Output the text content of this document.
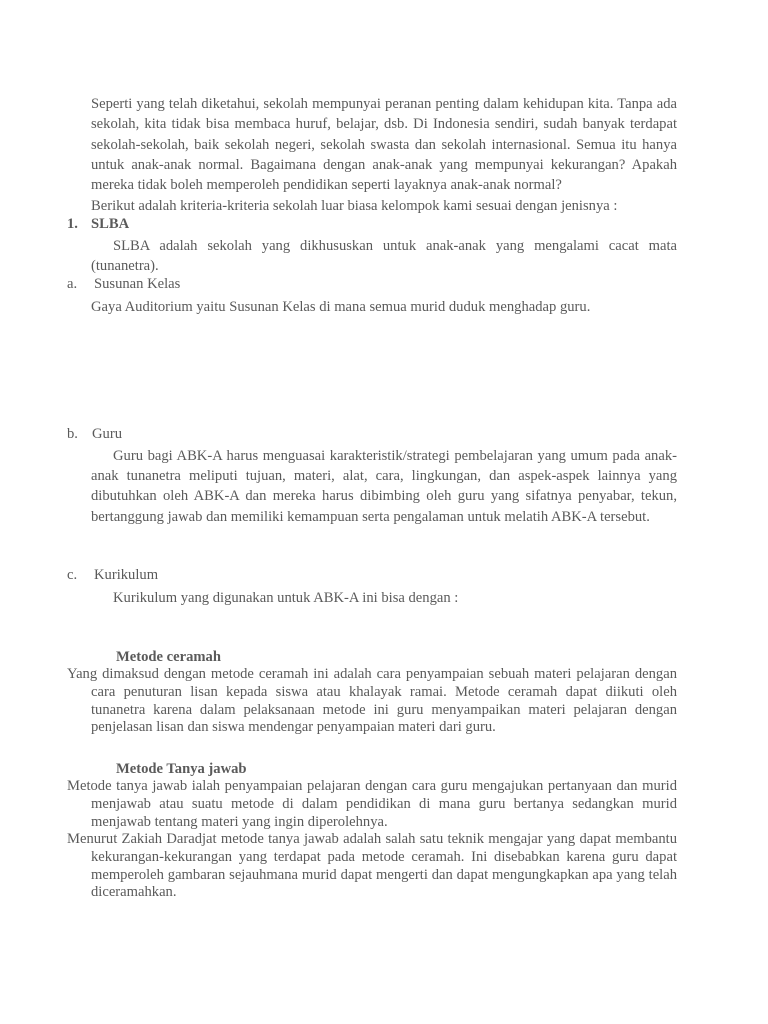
Seperti yang telah diketahui, sekolah mempunyai peranan penting dalam kehidupan kita. Tanpa ada sekolah, kita tidak bisa membaca huruf, belajar, dsb. Di Indonesia sendiri, sudah banyak terdapat sekolah-sekolah, baik sekolah negeri, sekolah swasta dan sekolah internasional. Semua itu hanya untuk anak-anak normal. Bagaimana dengan anak-anak yang mempunyai kekurangan? Apakah mereka tidak boleh memperoleh pendidikan seperti layaknya anak-anak normal?

Berikut adalah kriteria-kriteria sekolah luar biasa kelompok kami sesuai dengan jenisnya :

1. SLBA

SLBA adalah sekolah yang dikhususkan untuk anak-anak yang mengalami cacat mata (tunanetra).

a. Susunan Kelas

Gaya Auditorium yaitu Susunan Kelas di mana semua murid duduk menghadap guru.

b. Guru

Guru bagi ABK-A harus menguasai karakteristik/strategi pembelajaran yang umum pada anak-anak tunanetra meliputi tujuan, materi, alat, cara, lingkungan, dan aspek-aspek lainnya yang dibutuhkan oleh ABK-A dan mereka harus dibimbing oleh guru yang sifatnya penyabar, tekun, bertanggung jawab dan memiliki kemampuan serta pengalaman untuk melatih ABK-A tersebut.

c. Kurikulum

Kurikulum yang digunakan untuk ABK-A ini bisa dengan :

Metode ceramah

Yang dimaksud dengan metode ceramah ini adalah cara penyampaian sebuah materi pelajaran dengan cara penuturan lisan kepada siswa atau khalayak ramai. Metode ceramah dapat diikuti oleh tunanetra karena dalam pelaksanaan metode ini guru menyampaikan materi pelajaran dengan penjelasan lisan dan siswa mendengar penyampaian materi dari guru.

Metode Tanya jawab

Metode tanya jawab ialah penyampaian pelajaran dengan cara guru mengajukan pertanyaan dan murid menjawab atau suatu metode di dalam pendidikan di mana guru bertanya sedangkan murid menjawab tentang materi yang ingin diperolehnya.

Menurut Zakiah Daradjat metode tanya jawab adalah salah satu teknik mengajar yang dapat membantu kekurangan-kekurangan yang terdapat pada metode ceramah. Ini disebabkan karena guru dapat memperoleh gambaran sejauhmana murid dapat mengerti dan dapat mengungkapkan apa yang telah diceramahkan.
